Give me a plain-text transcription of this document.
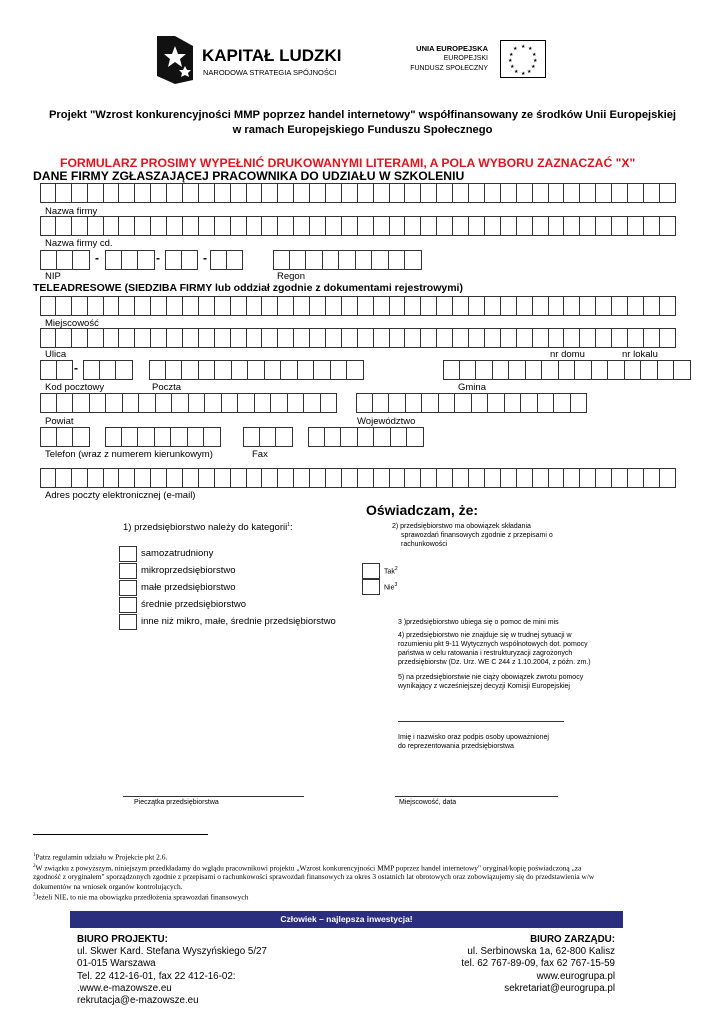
KAPITAŁ LUDZKI
NARODOWA STRATEGIA SPÓJNOŚCI
UNIA EUROPEJSKA
EUROPEJSKI
FUNDUSZ SPOŁECZNY
★ ★
★
★
★
★
★
★
★
★
★
★
Projekt "Wzrost konkurencyjności MMP poprzez handel internetowy" współfinansowany ze środków Unii Europejskiej
w ramach Europejskiego Funduszu Społecznego
FORMULARZ PROSIMY WYPEŁNIĆ DRUKOWANYMI LITERAMI, A POLA WYBORU ZAZNACZAĆ "X"
DANE FIRMY ZGŁASZAJĄCEJ PRACOWNIKA DO UDZIAŁU W SZKOLENIU
Nazwa firmy
Nazwa firmy cd.
-	-	-
NIP	Regon
TELEADRESOWE (SIEDZIBA FIRMY lub oddział zgodnie z dokumentami rejestrowymi)
Miejscowość
Ulica	nr domu	nr lokalu
-
Kod pocztowy	Poczta	Gmina
Powiat	Województwo
Telefon (wraz z numerem kierunkowym)	Fax
Adres poczty elektronicznej (e-mail)
Oświadczam, że:
1) przedsiębiorstwo należy do kategorii$^1$:
samozatrudniony
mikroprzedsiębiorstwo
małe przedsiębiorstwo
średnie przedsiębiorstwo
inne niż mikro, małe, średnie przedsiębiorstwo
2) przedsiębiorstwo ma obowiązek składania
sprawozdań finansowych zgodnie z przepisami o
rachunkowości
Tak$^2$
Nie$^3$
3 )przedsiębiorstwo ubiega się o pomoc de mini mis
4) przedsiębiorstwo nie znajduje się w trudnej sytuacji w
rozumieniu pkt 9-11 Wytycznych wspólnotowych dot. pomocy
państwa w celu ratowania i restrukturyzacji zagrożonych
przedsiębiorstw (Dz. Urz. WE C 244 z 1.10.2004, z późn. zm.)
5) na przedsiębiorstwie nie ciąży obowiązek zwrotu pomocy
wynikający z wcześniejszej decyzji Komisji Europejskiej
Imię i nazwisko oraz podpis osoby upoważnionej
do reprezentowania przedsiębiorstwa
Pieczątka przedsiębiorstwa	Miejscowość, data
$^1$Patrz regulamin udziału w Projekcie pkt 2.6.
$^2$W związku z powyższym, niniejszym przedkładamy do wglądu pracownikowi projektu „Wzrost konkurencyjności MMP poprzez handel internetowy" oryginał/kopię poświadczoną „za
zgodność z oryginałem" sporządzonych zgodnie z przepisami o rachunkowości sprawozdań finansowych za okres 3 ostatnich lat obrotowych oraz zobowiązujemy się do przedstawienia w/w
dokumentów na wniosek organów kontrolujących.
$^3$Jeżeli NIE, to nie ma obowiązku przedłożenia sprawozdań finansowych
Człowiek – najlepsza inwestycja!
BIURO PROJEKTU:
ul. Skwer Kard. Stefana Wyszyńskiego 5/27
01-015 Warszawa
Tel. 22 412-16-01, fax 22 412-16-02:
.www.e-mazowsze.eu
rekrutacja@e-mazowsze.eu
BIURO ZARZĄDU:
ul. Serbinowska 1a, 62-800 Kalisz
tel. 62 767-89-09, fax 62 767-15-59
www.eurogrupa.pl
sekretariat@eurogrupa.pl
